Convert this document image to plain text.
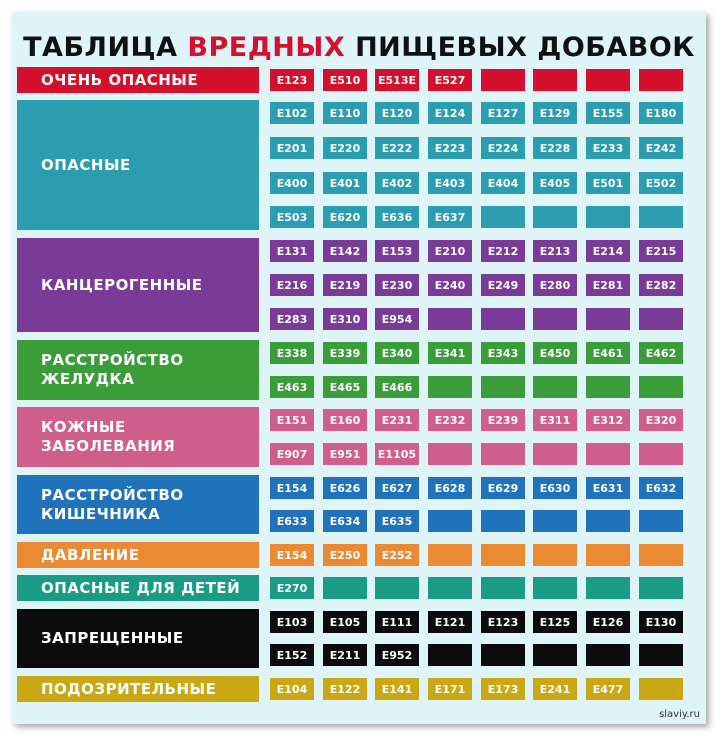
ТАБЛИЦА ВРЕДНЫХ ПИЩЕВЫХ ДОБАВОК
slaviy.ru
ОЧЕНЬ ОПАСНЫЕ	E123	E510	E513E	E527
ОПАСНЫЕ
E102	E110	E120	E124	E127	E129	E155	E180
E201	E220	E222	E223	E224	E228	E233	E242
E400	E401	E402	E403	E404	E405	E501	E502
E503	E620	E636	E637
КАНЦЕРОГЕННЫЕ
E131	E142	E153	E210	E212	E213	E214	E215
E216	E219	E230	E240	E249	E280	E281	E282
E283	E310	E954
РАССТРОЙСТВО
ЖЕЛУДКА
E338	E339	E340	E341	E343	E450	E461	E462
E463	E465	E466
КОЖНЫЕ
ЗАБОЛЕВАНИЯ
E151	E160	E231	E232	E239	E311	E312	E320
E907	E951	E1105
РАССТРОЙСТВО
КИШЕЧНИКА
E154	E626	E627	E628	E629	E630	E631	E632
E633	E634	E635
ДАВЛЕНИЕ	E154	E250	E252
ОПАСНЫЕ ДЛЯ ДЕТЕЙ	E270
ЗАПРЕЩЕННЫЕ
E103	E105	E111	E121	E123	E125	E126	E130
E152	E211	E952
ПОДОЗРИТЕЛЬНЫЕ	E104	E122	E141	E171	E173	E241	E477
